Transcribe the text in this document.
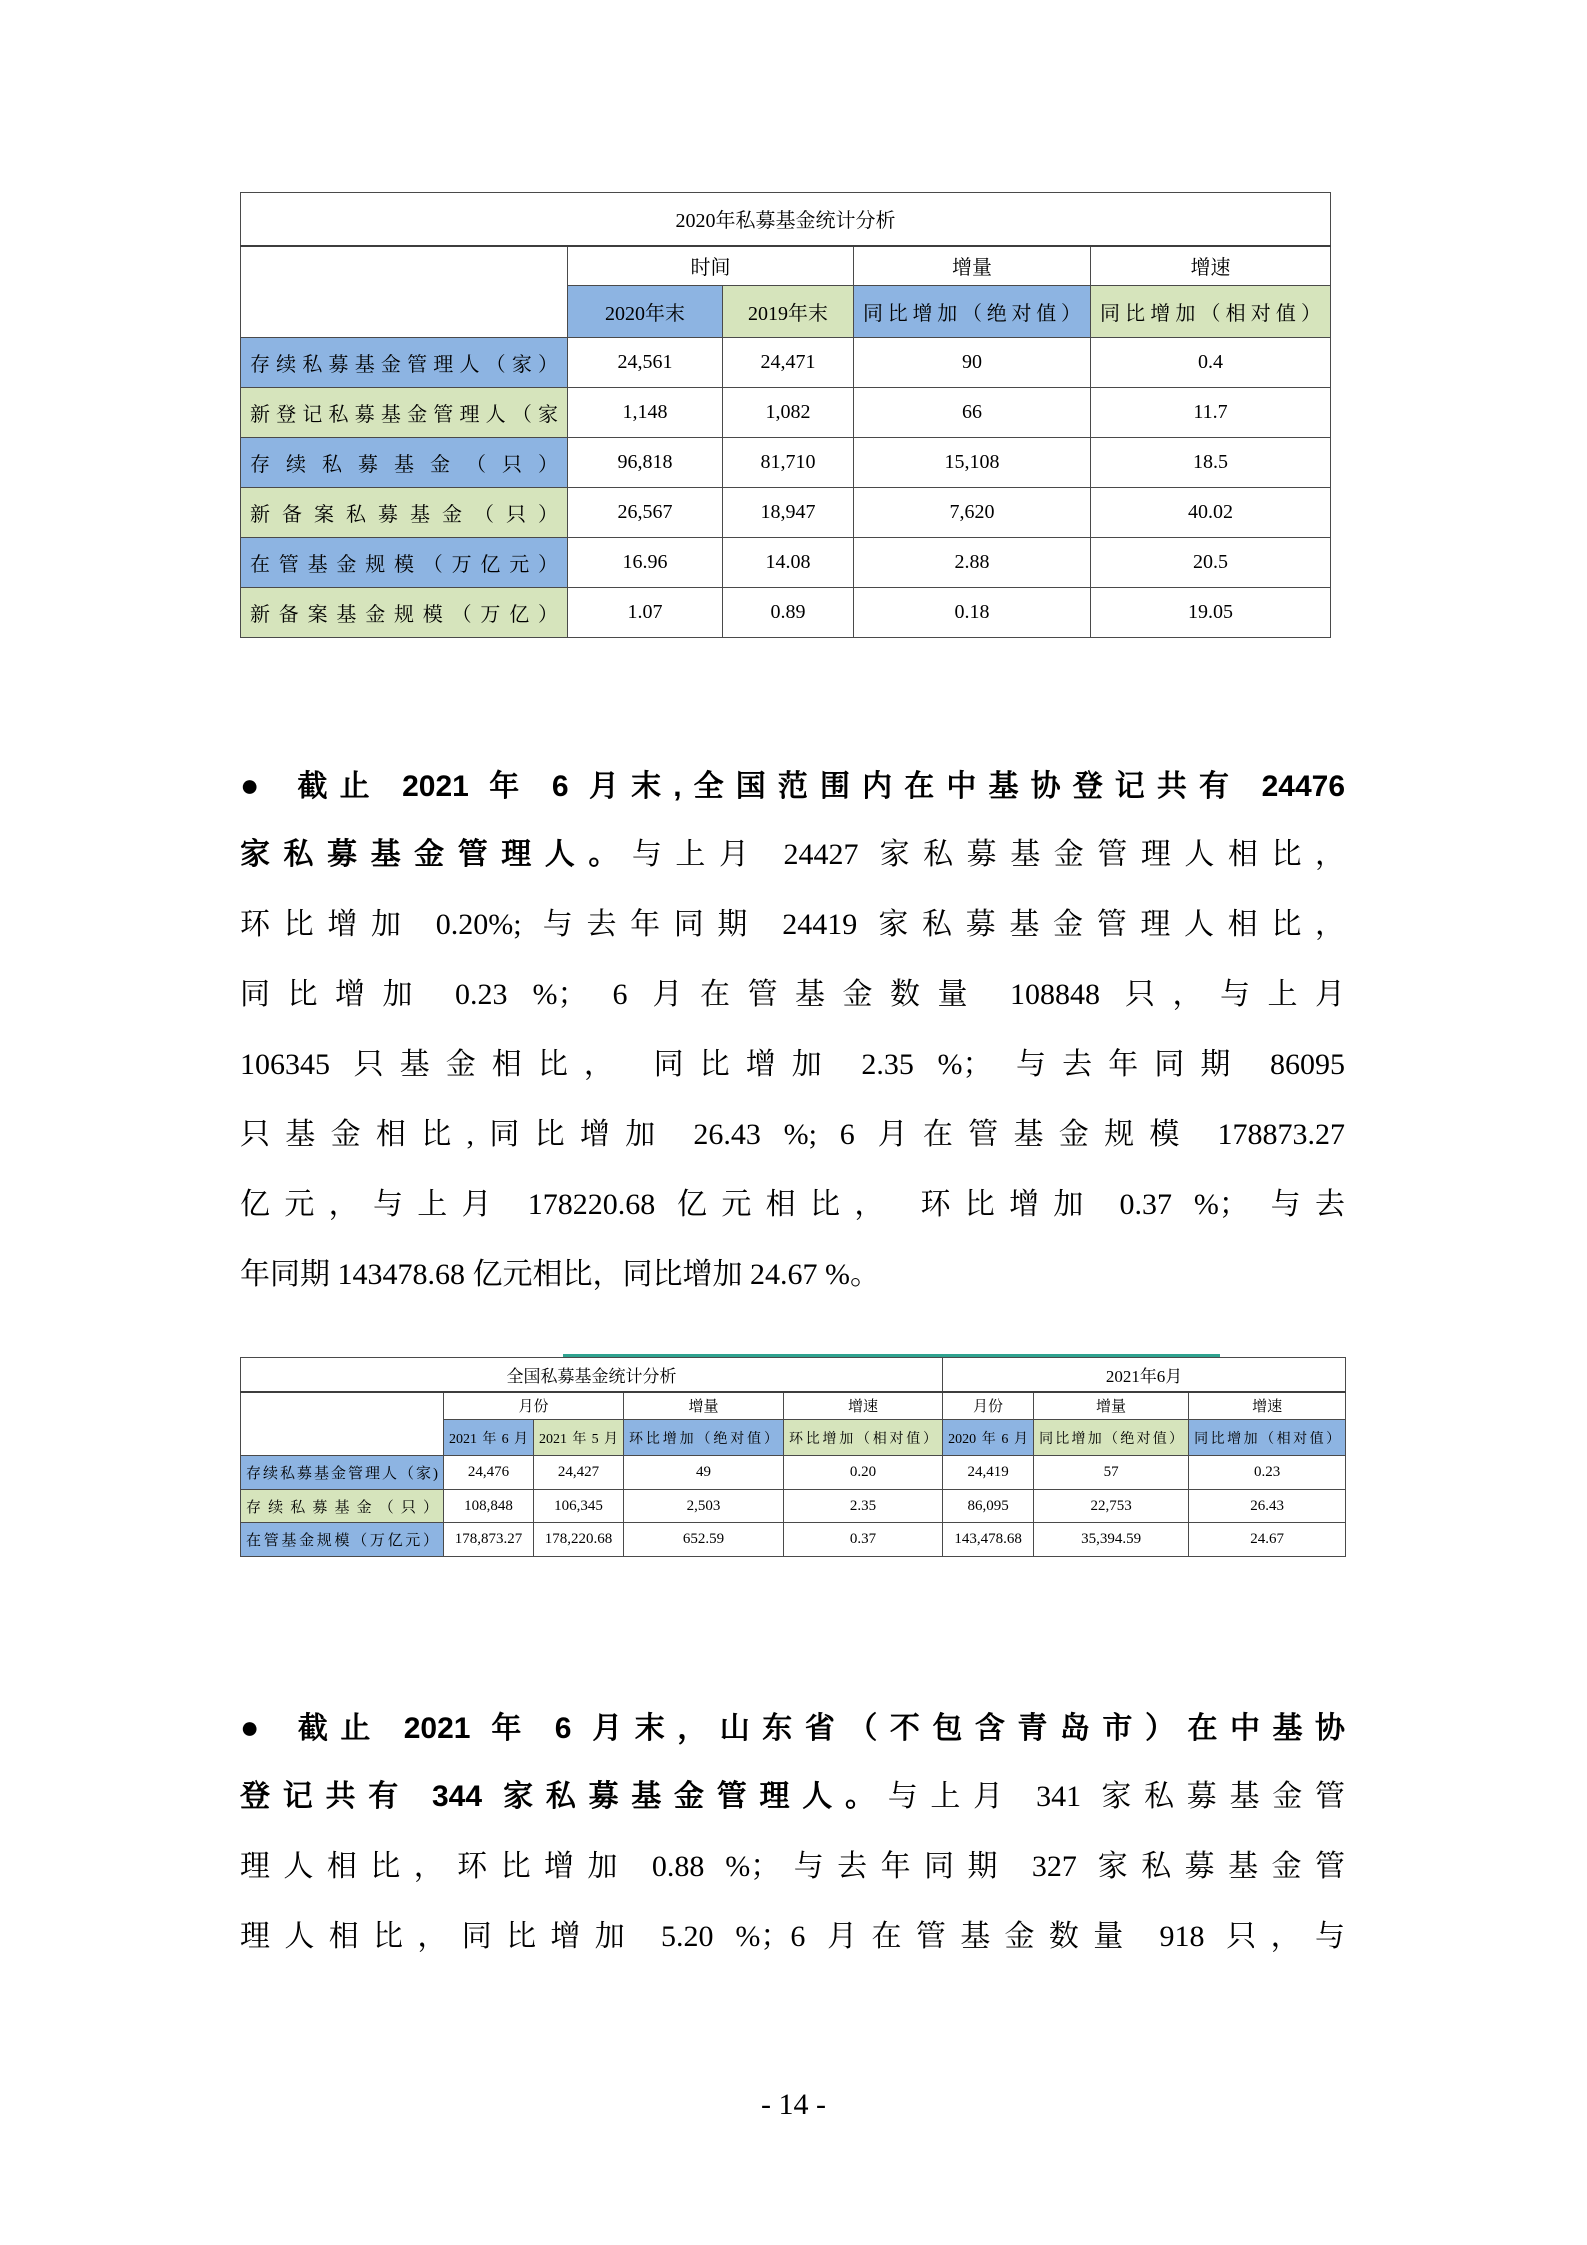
2020年私募基金统计分析				
	时间		增量	增速
	2020年末	2019年末	同比增加（绝对值）	同比增加（相对值）
存续私募基金管理人（家）	24,561	24,471	90	0.4
新登记私募基金管理人（家	1,148	1,082	66	11.7
存续私募基金（只）	96,818	81,710	15,108	18.5
新备案私募基金（只）	26,567	18,947	7,620	40.02
在管基金规模（万亿元）	16.96	14.08	2.88	20.5
新备案基金规模（万亿）	1.07	0.89	0.18	19.05
● 截止 2021 年 6 月末,全国范围内在中基协登记共有 24476
家私募基金管理人。与上月 24427 家私募基金管理人相比，
环比增加 0.20%; 与去年同期 24419 家私募基金管理人相比，
同比增加 0.23 %； 6 月在管基金数量 108848 只，与上月
106345 只基金相比， 同比增加 2.35 %； 与去年同期 86095
只基金相比,同比增加 26.43 %; 6 月在管基金规模 178873.27
亿元，与上月 178220.68 亿元相比， 环比增加 0.37 %； 与去
年同期 143478.68 亿元相比，同比增加 24.67 %。
全国私募基金统计分析					2021年6月		
	月份		增量	增速	月份	增量	增速
	2021年6月	2021年5月	环比增加（绝对值）	环比增加（相对值）	2020年6月	同比增加（绝对值）	同比增加（相对值）
存续私募基金管理人（家)	24,476	24,427	49	0.20	24,419	57	0.23
存续私募基金（只）	108,848	106,345	2,503	2.35	86,095	22,753	26.43
在管基金规模（万亿元）	178,873.27	178,220.68	652.59	0.37	143,478.68	35,394.59	24.67
● 截止 2021 年 6 月末，山东省（不包含青岛市）在中基协
登记共有 344 家私募基金管理人。与上月 341 家私募基金管
理人相比，环比增加 0.88 %；与去年同期 327 家私募基金管
理人相比，同比增加 5.20 %；6 月在管基金数量 918 只，与
- 14 -
